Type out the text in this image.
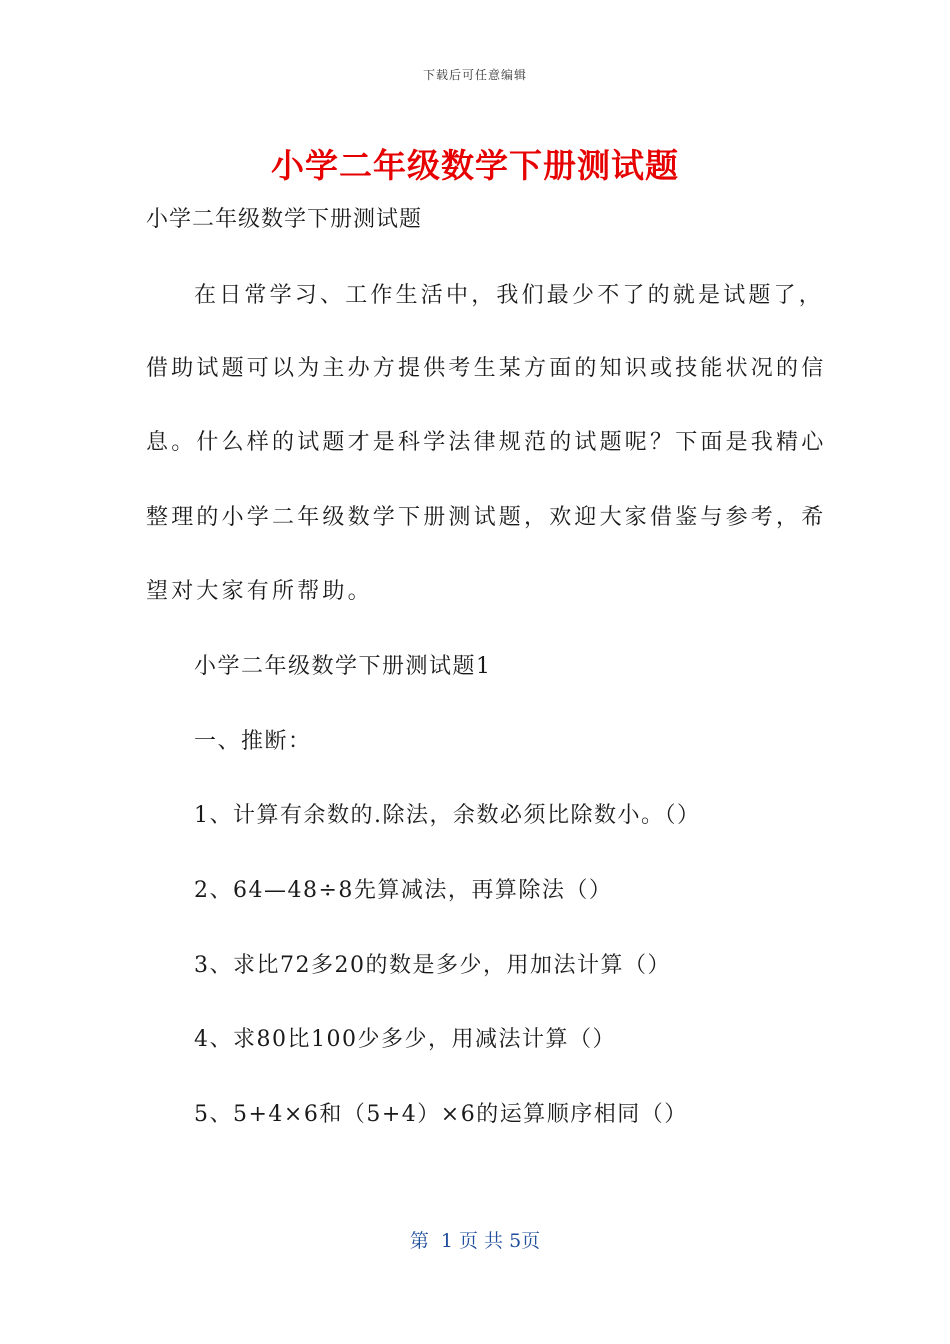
下载后可任意编辑
小学二年级数学下册测试题
小学二年级数学下册测试题
在日常学习、工作生活中，我们最少不了的就是试题了，
借助试题可以为主办方提供考生某方面的知识或技能状况的信
息。什么样的试题才是科学法律规范的试题呢？下面是我精心
整理的小学二年级数学下册测试题，欢迎大家借鉴与参考，希
望对大家有所帮助。
小学二年级数学下册测试题1
一、推断：
1、计算有余数的.除法，余数必须比除数小。（）
2、64—48÷8先算减法，再算除法（）
3、求比72多20的数是多少，用加法计算（）
4、求80比100少多少，用减法计算（）
5、5+4×6和（5+4）×6的运算顺序相同（）
第  1 页 共 5页
